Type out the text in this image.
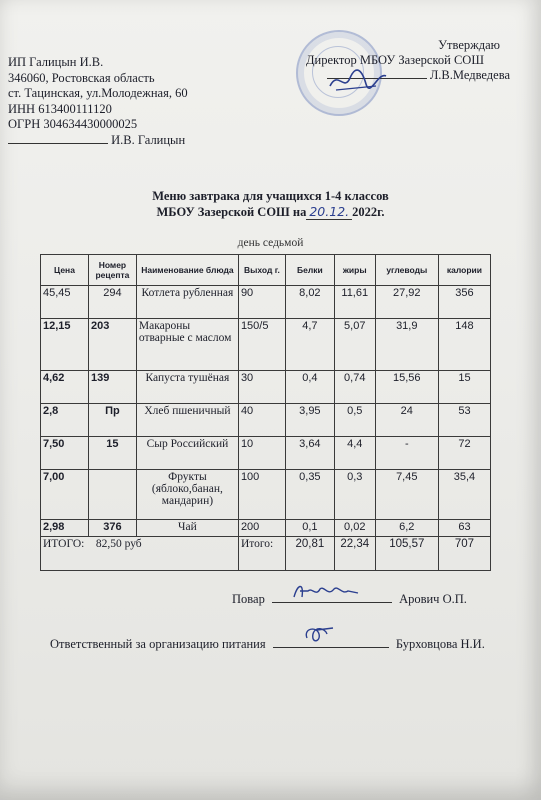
ИП Галицын И.В.
346060, Ростовская область
ст. Тацинская, ул.Молодежная, 60
ИНН 613400111120
ОГРН 304634430000025
И.В. Галицын
Утверждаю
Директор МБОУ Зазерской СОШ
Л.В.Медведева
Меню завтрака для учащихся 1-4 классов
МБОУ Зазерской СОШ на 20.12. 2022г.
день седьмой
Цена	Номер рецепта	Наименование блюда	Выход г.	Белки	жиры	углеводы	калории
45,45	294	Котлета рубленная	90	8,02	11,61	27,92	356
12,15	203	Макароны отварные с маслом	150/5	4,7	5,07	31,9	148
4,62	139	Капуста тушёная	30	0,4	0,74	15,56	15
2,8	Пр	Хлеб пшеничный	40	3,95	0,5	24	53
7,50	15	Сыр Российский	10	3,64	4,4	-	72
7,00		Фрукты (яблоко,банан, мандарин)	100	0,35	0,3	7,45	35,4
2,98	376	Чай	200	0,1	0,02	6,2	63
ИТОГО:    82,50 руб			Итого:	20,81	22,34	105,57	707
Повар	Арович О.П.
Ответственный за организацию питания	Бурховцова Н.И.
